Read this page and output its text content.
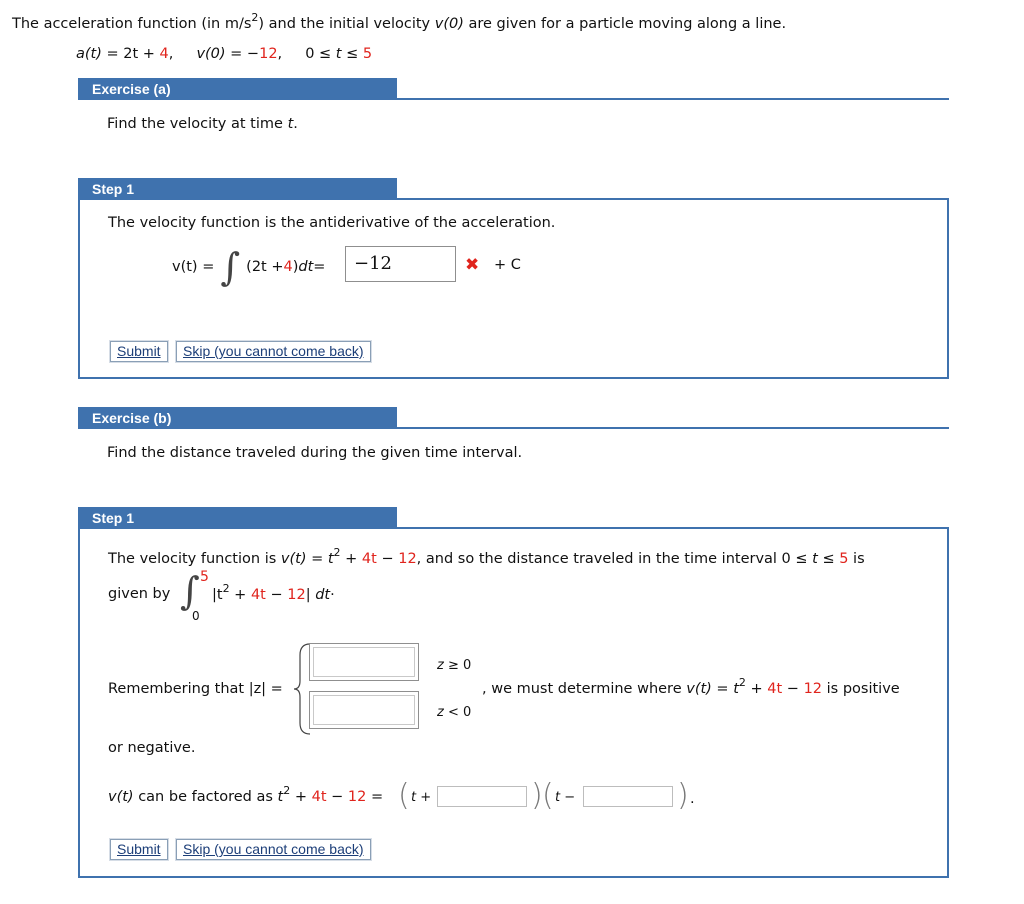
The acceleration function (in $m/s^2$) and the initial velocity v(0) are given for a particle moving along a line.
a(t) = 2t + 4,     v(0) = −12,     0 ≤ t ≤ 5
Exercise (a)
Find the velocity at time t.
Step 1
The velocity function is the antiderivative of the acceleration.
v(t) = ∫ (2t + 4 ) dt =	−12	✖ + C
Submit	Skip (you cannot come back)
Exercise (b)
Find the distance traveled during the given time interval.
Step 1
The velocity function is $v(t) = t^2 + 4t - 12$, and so the distance traveled in the time interval 0 ≤ t ≤ 5 is
given by ∫ 5
0
$|t^2 + 4t - 12|$ dt·
Remembering that |z| =
z ≥ 0
z < 0
, we must determine where $v(t) = t^2 + 4t - 12$ is positive
or negative.
v(t) can be factored as $t^2 + 4t - 12$ = ( t +	) ( t −	) .
Submit	Skip (you cannot come back)
